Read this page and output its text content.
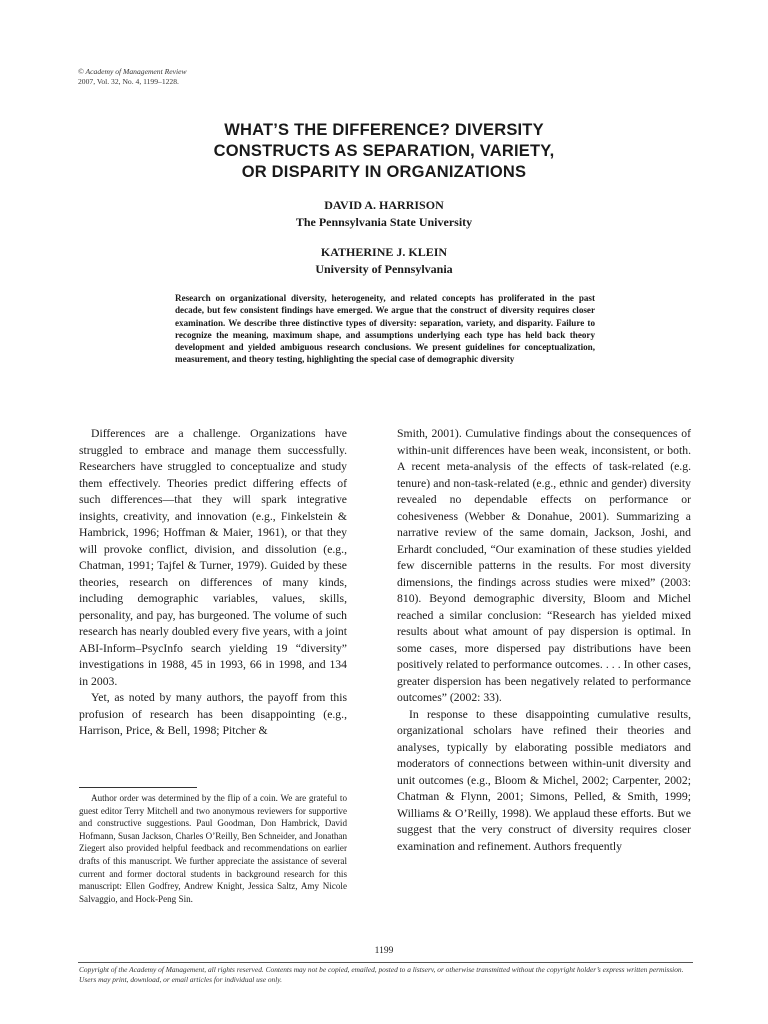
© Academy of Management Review
2007, Vol. 32, No. 4, 1199–1228.
WHAT’S THE DIFFERENCE? DIVERSITY
CONSTRUCTS AS SEPARATION, VARIETY,
OR DISPARITY IN ORGANIZATIONS
DAVID A. HARRISON
The Pennsylvania State University
KATHERINE J. KLEIN
University of Pennsylvania
Research on organizational diversity, heterogeneity, and related concepts has proliferated in the past decade, but few consistent findings have emerged. We argue that the construct of diversity requires closer examination. We describe three distinctive types of diversity: separation, variety, and disparity. Failure to recognize the meaning, maximum shape, and assumptions underlying each type has held back theory development and yielded ambiguous research conclusions. We present guidelines for conceptualization, measurement, and theory testing, highlighting the special case of demographic diversity

Differences are a challenge. Organizations have struggled to embrace and manage them successfully. Researchers have struggled to conceptualize and study them effectively. Theories predict differing effects of such differences—that they will spark integrative insights, creativity, and innovation (e.g., Finkelstein & Hambrick, 1996; Hoffman & Maier, 1961), or that they will provoke conflict, division, and dissolution (e.g., Chatman, 1991; Tajfel & Turner, 1979). Guided by these theories, research on differences of many kinds, including demographic variables, values, skills, personality, and pay, has burgeoned. The volume of such research has nearly doubled every five years, with a joint ABI-Inform–PsycInfo search yielding 19 “diversity” investigations in 1988, 45 in 1993, 66 in 1998, and 134 in 2003.

Yet, as noted by many authors, the payoff from this profusion of research has been disappointing (e.g., Harrison, Price, & Bell, 1998; Pitcher &

Smith, 2001). Cumulative findings about the consequences of within-unit differences have been weak, inconsistent, or both. A recent meta-analysis of the effects of task-related (e.g. tenure) and non-task-related (e.g., ethnic and gender) diversity revealed no dependable effects on performance or cohesiveness (Webber & Donahue, 2001). Summarizing a narrative review of the same domain, Jackson, Joshi, and Erhardt concluded, “Our examination of these studies yielded few discernible patterns in the results. For most diversity dimensions, the findings across studies were mixed” (2003: 810). Beyond demographic diversity, Bloom and Michel reached a similar conclusion: “Research has yielded mixed results about what amount of pay dispersion is optimal. In some cases, more dispersed pay distributions have been positively related to performance outcomes. . . . In other cases, greater dispersion has been negatively related to performance outcomes” (2002: 33).

In response to these disappointing cumulative results, organizational scholars have refined their theories and analyses, typically by elaborating possible mediators and moderators of connections between within-unit diversity and unit outcomes (e.g., Bloom & Michel, 2002; Carpenter, 2002; Chatman & Flynn, 2001; Simons, Pelled, & Smith, 1999; Williams & O’Reilly, 1998). We applaud these efforts. But we suggest that the very construct of diversity requires closer examination and refinement. Authors frequently

Author order was determined by the flip of a coin. We are grateful to guest editor Terry Mitchell and two anonymous reviewers for supportive and constructive suggestions. Paul Goodman, Don Hambrick, David Hofmann, Susan Jackson, Charles O’Reilly, Ben Schneider, and Jonathan Ziegert also provided helpful feedback and recommendations on earlier drafts of this manuscript. We further appreciate the assistance of several current and former doctoral students in background research for this manuscript: Ellen Godfrey, Andrew Knight, Jessica Saltz, Amy Nicole Salvaggio, and Hock-Peng Sin.
1199
Copyright of the Academy of Management, all rights reserved. Contents may not be copied, emailed, posted to a listserv, or otherwise transmitted without the copyright holder’s express written permission. Users may print, download, or email articles for individual use only.
